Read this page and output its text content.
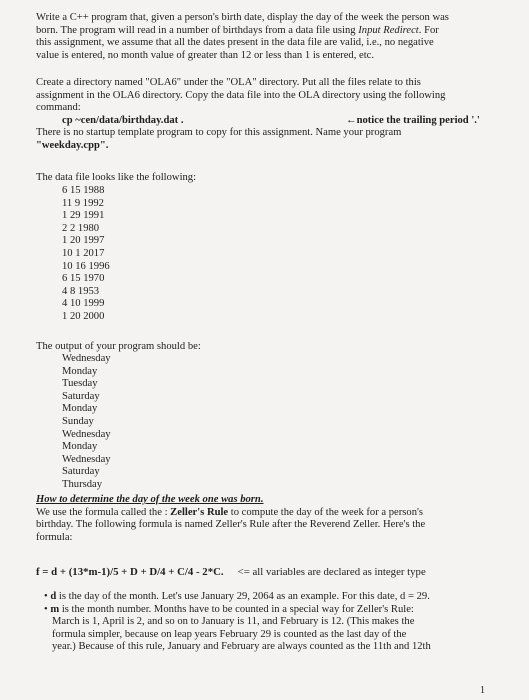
Write a C++ program that, given a person's birth date, display the day of the week the person was
born. The program will read in a number of birthdays from a data file using Input Redirect. For
this assignment, we assume that all the dates present in the data file are valid, i.e., no negative
value is entered, no month value of greater than 12 or less than 1 is entered, etc.
Create a directory named "OLA6" under the "OLA" directory. Put all the files relate to this
assignment in the OLA6 directory. Copy the data file into the OLA directory using the following
command:
cp ~cen/data/birthday.dat .	←notice the trailing period '.'
There is no startup template program to copy for this assignment. Name your program
"weekday.cpp".
The data file looks like the following:
6 15 1988
11 9 1992
1 29 1991
2 2 1980
1 20 1997
10 1 2017
10 16 1996
6 15 1970
4 8 1953
4 10 1999
1 20 2000
The output of your program should be:
Wednesday
Monday
Tuesday
Saturday
Monday
Sunday
Wednesday
Monday
Wednesday
Saturday
Thursday
How to determine the day of the week one was born.
We use the formula called the : Zeller's Rule to compute the day of the week for a person's
birthday. The following formula is named Zeller's Rule after the Reverend Zeller. Here's the
formula:
f = d + (13*m-1)/5 + D + D/4 + C/4 - 2*C. <= all variables are declared as integer type
• d is the day of the month. Let's use January 29, 2064 as an example. For this date, d = 29.
• m is the month number. Months have to be counted in a special way for Zeller's Rule:
March is 1, April is 2, and so on to January is 11, and February is 12. (This makes the
formula simpler, because on leap years February 29 is counted as the last day of the
year.) Because of this rule, January and February are always counted as the 11th and 12th
1
